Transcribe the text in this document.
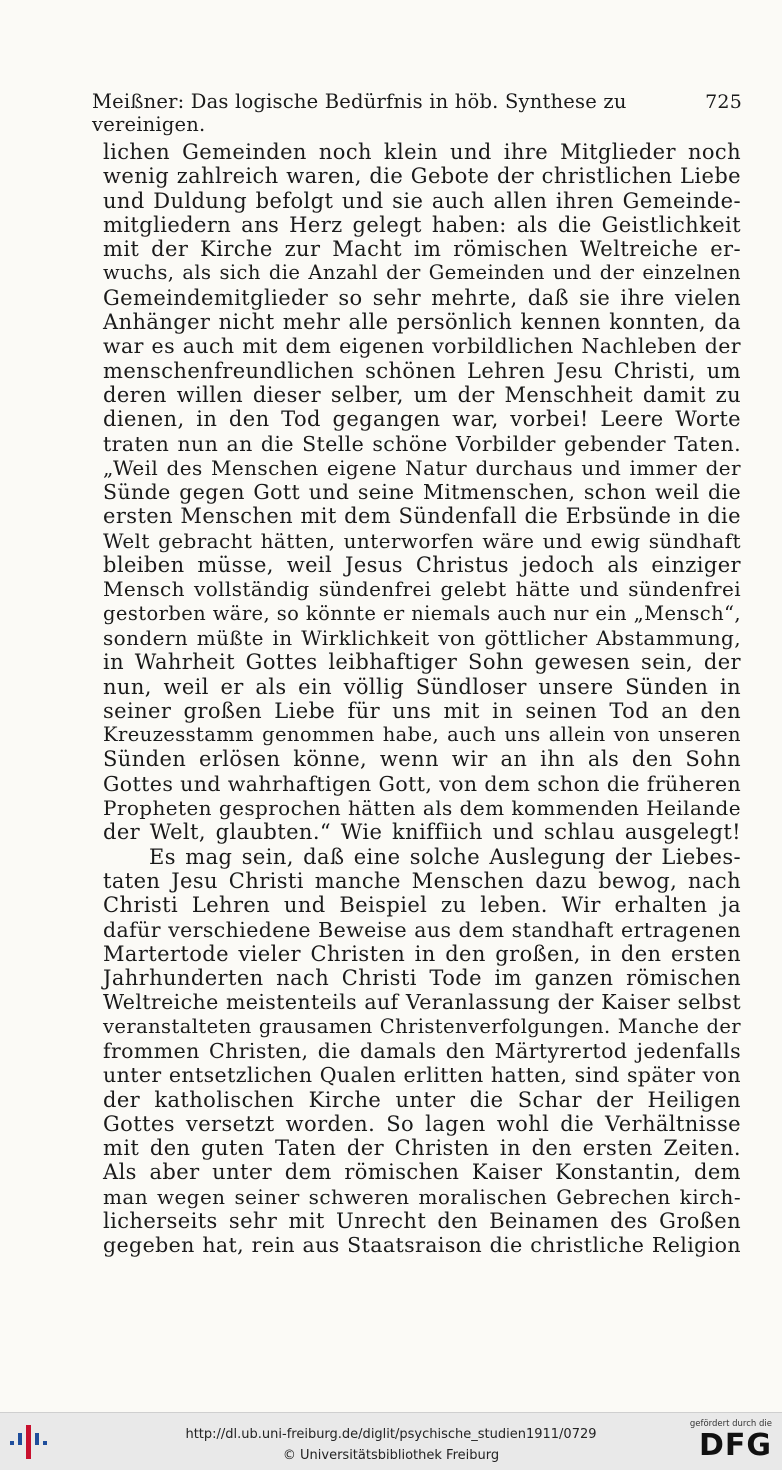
Meißner: Das logische Bedürfnis in höb. Synthese zu vereinigen.
725
lichen Gemeinden noch klein und ihre Mitglieder noch
wenig zahlreich waren, die Gebote der christlichen Liebe
und Duldung befolgt und sie auch allen ihren Gemeinde-
mitgliedern ans Herz gelegt haben: als die Geistlichkeit
mit der Kirche zur Macht im römischen Weltreiche er-
wuchs, als sich die Anzahl der Gemeinden und der einzelnen
Gemeindemitglieder so sehr mehrte, daß sie ihre vielen
Anhänger nicht mehr alle persönlich kennen konnten, da
war es auch mit dem eigenen vorbildlichen Nachleben der
menschenfreundlichen schönen Lehren Jesu Christi, um
deren willen dieser selber, um der Menschheit damit zu
dienen, in den Tod gegangen war, vorbei! Leere Worte
traten nun an die Stelle schöne Vorbilder gebender Taten.
„Weil des Menschen eigene Natur durchaus und immer der
Sünde gegen Gott und seine Mitmenschen, schon weil die
ersten Menschen mit dem Sündenfall die Erbsünde in die
Welt gebracht hätten, unterworfen wäre und ewig sündhaft
bleiben müsse, weil Jesus Christus jedoch als einziger
Mensch vollständig sündenfrei gelebt hätte und sündenfrei
gestorben wäre, so könnte er niemals auch nur ein „Mensch“,
sondern müßte in Wirklichkeit von göttlicher Abstammung,
in Wahrheit Gottes leibhaftiger Sohn gewesen sein, der
nun, weil er als ein völlig Sündloser unsere Sünden in
seiner großen Liebe für uns mit in seinen Tod an den
Kreuzesstamm genommen habe, auch uns allein von unseren
Sünden erlösen könne, wenn wir an ihn als den Sohn
Gottes und wahrhaftigen Gott, von dem schon die früheren
Propheten gesprochen hätten als dem kommenden Heilande
der Welt, glaubten.“ Wie kniffiich und schlau ausgelegt!
Es mag sein, daß eine solche Auslegung der Liebes-
taten Jesu Christi manche Menschen dazu bewog, nach
Christi Lehren und Beispiel zu leben. Wir erhalten ja
dafür verschiedene Beweise aus dem standhaft ertragenen
Martertode vieler Christen in den großen, in den ersten
Jahrhunderten nach Christi Tode im ganzen römischen
Weltreiche meistenteils auf Veranlassung der Kaiser selbst
veranstalteten grausamen Christenverfolgungen. Manche der
frommen Christen, die damals den Märtyrertod jedenfalls
unter entsetzlichen Qualen erlitten hatten, sind später von
der katholischen Kirche unter die Schar der Heiligen
Gottes versetzt worden. So lagen wohl die Verhältnisse
mit den guten Taten der Christen in den ersten Zeiten.
Als aber unter dem römischen Kaiser Konstantin, dem
man wegen seiner schweren moralischen Gebrechen kirch-
licherseits sehr mit Unrecht den Beinamen des Großen
gegeben hat, rein aus Staatsraison die christliche Religion
http://dl.ub.uni-freiburg.de/diglit/psychische_studien1911/0729
© Universitätsbibliothek Freiburg
gefördert durch die
DFG
